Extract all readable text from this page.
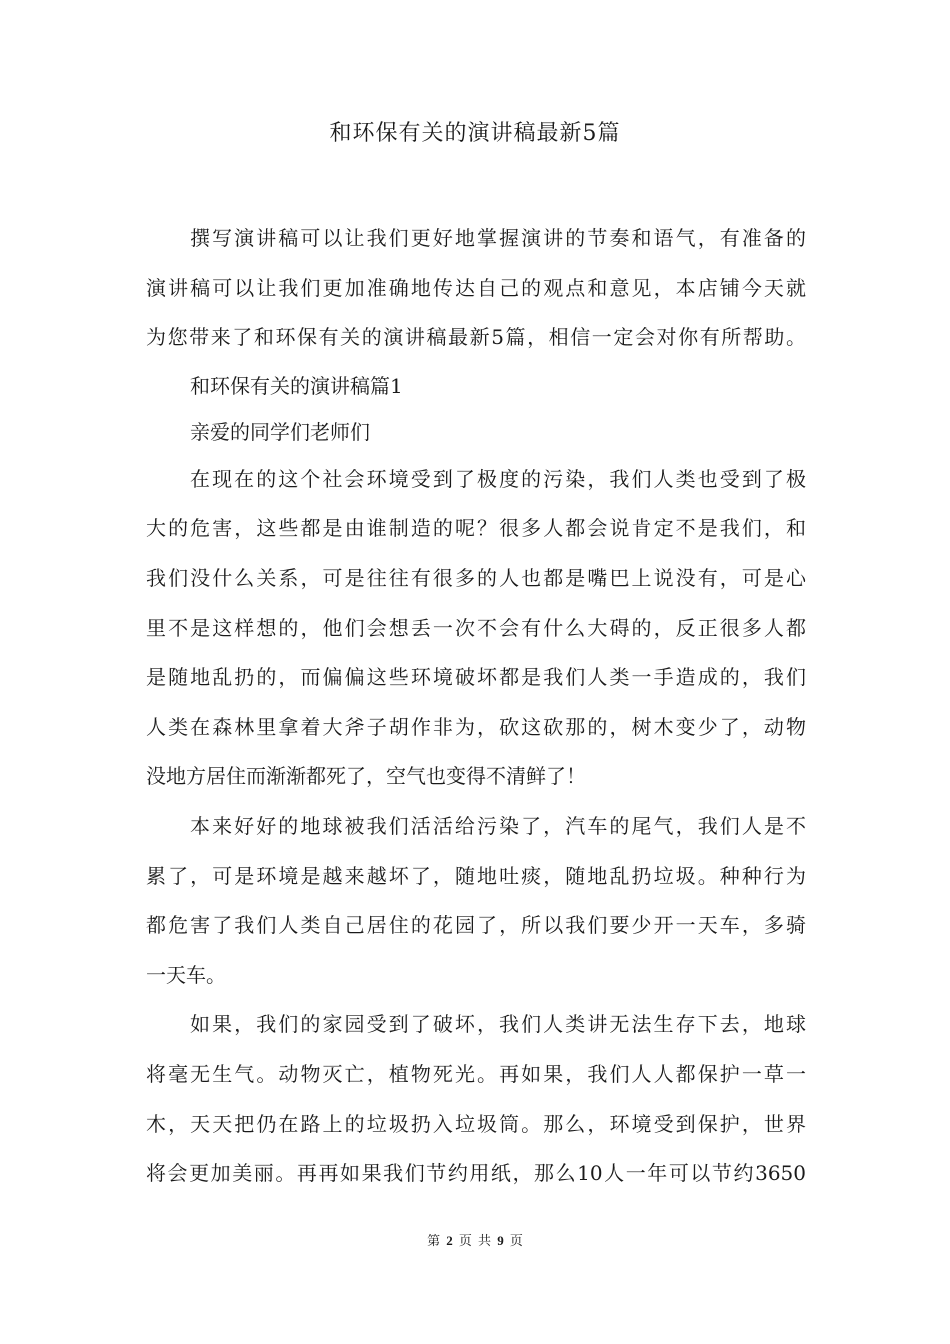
和环保有关的演讲稿最新5篇
撰写演讲稿可以让我们更好地掌握演讲的节奏和语气，有准备的
演讲稿可以让我们更加准确地传达自己的观点和意见，本店铺今天就
为您带来了和环保有关的演讲稿最新5篇，相信一定会对你有所帮助。
和环保有关的演讲稿篇1
亲爱的同学们老师们
在现在的这个社会环境受到了极度的污染，我们人类也受到了极
大的危害，这些都是由谁制造的呢？很多人都会说肯定不是我们，和
我们没什么关系，可是往往有很多的人也都是嘴巴上说没有，可是心
里不是这样想的，他们会想丢一次不会有什么大碍的，反正很多人都
是随地乱扔的，而偏偏这些环境破坏都是我们人类一手造成的，我们
人类在森林里拿着大斧子胡作非为，砍这砍那的，树木变少了，动物
没地方居住而渐渐都死了，空气也变得不清鲜了！
本来好好的地球被我们活活给污染了，汽车的尾气，我们人是不
累了，可是环境是越来越坏了，随地吐痰，随地乱扔垃圾。种种行为
都危害了我们人类自己居住的花园了，所以我们要少开一天车，多骑
一天车。
如果，我们的家园受到了破坏，我们人类讲无法生存下去，地球
将毫无生气。动物灭亡，植物死光。再如果，我们人人都保护一草一
木，天天把仍在路上的垃圾扔入垃圾筒。那么，环境受到保护，世界
将会更加美丽。再再如果我们节约用纸，那么10人一年可以节约3650
第 2 页 共 9 页
